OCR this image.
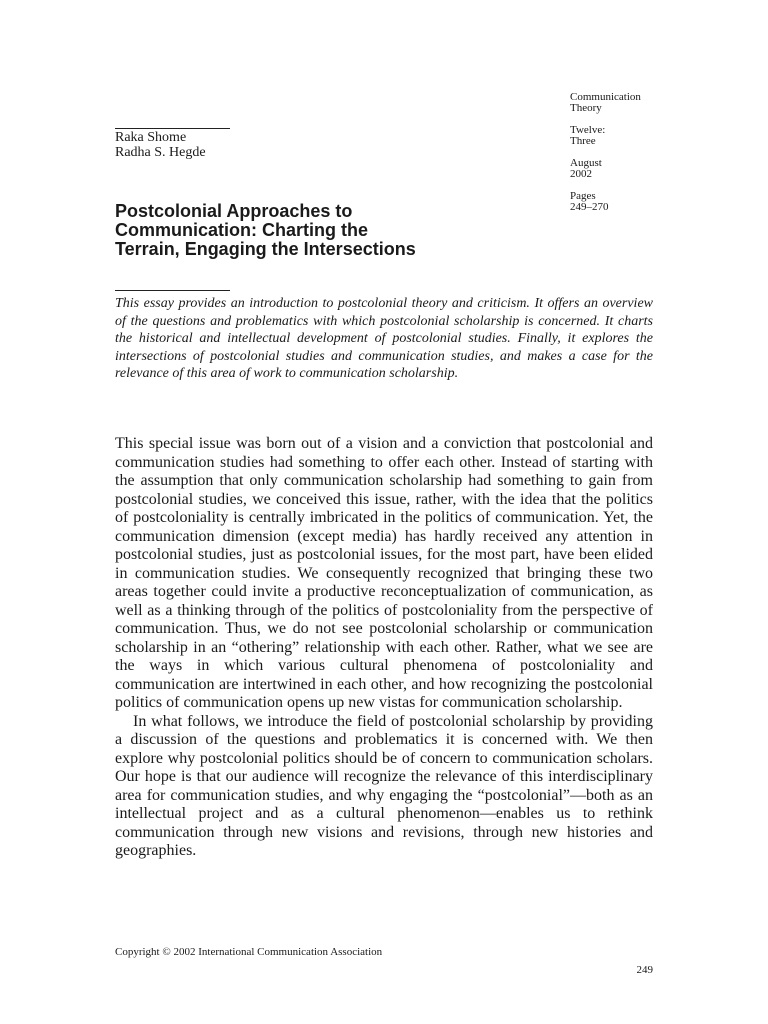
Raka Shome
Radha S. Hegde
Communication
Theory
Twelve:
Three
August
2002
Pages
249–270
Postcolonial Approaches to
Communication: Charting the
Terrain, Engaging the Intersections
This essay provides an introduction to postcolonial theory and criticism. It offers an overview of the questions and problematics with which postcolonial scholarship is concerned. It charts the historical and intellectual development of postcolonial studies. Finally, it explores the intersections of postcolonial studies and communication studies, and makes a case for the relevance of this area of work to communication scholarship.

This special issue was born out of a vision and a conviction that postcolonial and communication studies had something to offer each other. Instead of starting with the assumption that only communication scholarship had something to gain from postcolonial studies, we conceived this issue, rather, with the idea that the politics of postcoloniality is centrally imbricated in the politics of communication. Yet, the communication dimension (except media) has hardly received any attention in postcolonial studies, just as postcolonial issues, for the most part, have been elided in communication studies. We consequently recognized that bringing these two areas together could invite a productive reconceptualization of communication, as well as a thinking through of the politics of postcoloniality from the perspective of communication. Thus, we do not see postcolonial scholarship or communication scholarship in an “othering” relationship with each other. Rather, what we see are the ways in which various cultural phenomena of postcoloniality and communication are intertwined in each other, and how recognizing the postcolonial politics of communication opens up new vistas for communication scholarship.

In what follows, we introduce the field of postcolonial scholarship by providing a discussion of the questions and problematics it is concerned with. We then explore why postcolonial politics should be of concern to communication scholars. Our hope is that our audience will recognize the relevance of this interdisciplinary area for communication studies, and why engaging the “postcolonial”—both as an intellectual project and as a cultural phenomenon—enables us to rethink communication through new visions and revisions, through new histories and geographies.

Copyright © 2002 International Communication Association
249
